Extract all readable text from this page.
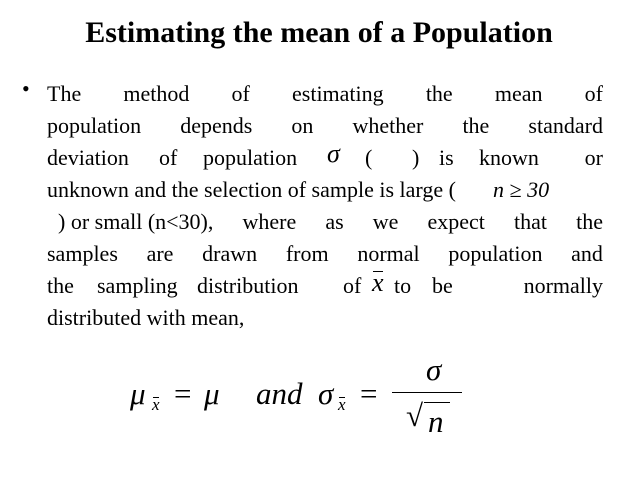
Estimating the mean of a Population
• The method of estimating the mean of
population depends on whether the standard
deviation of population σ ( ) is known or
unknown and the selection of sample is large ( n ≥ 30
) or small (n<30), where as we expect that the
samples are drawn from normal population and
the sampling distribution of x to be	normally
distributed with mean,
μ x = μ and σ x =
σ
√ n
